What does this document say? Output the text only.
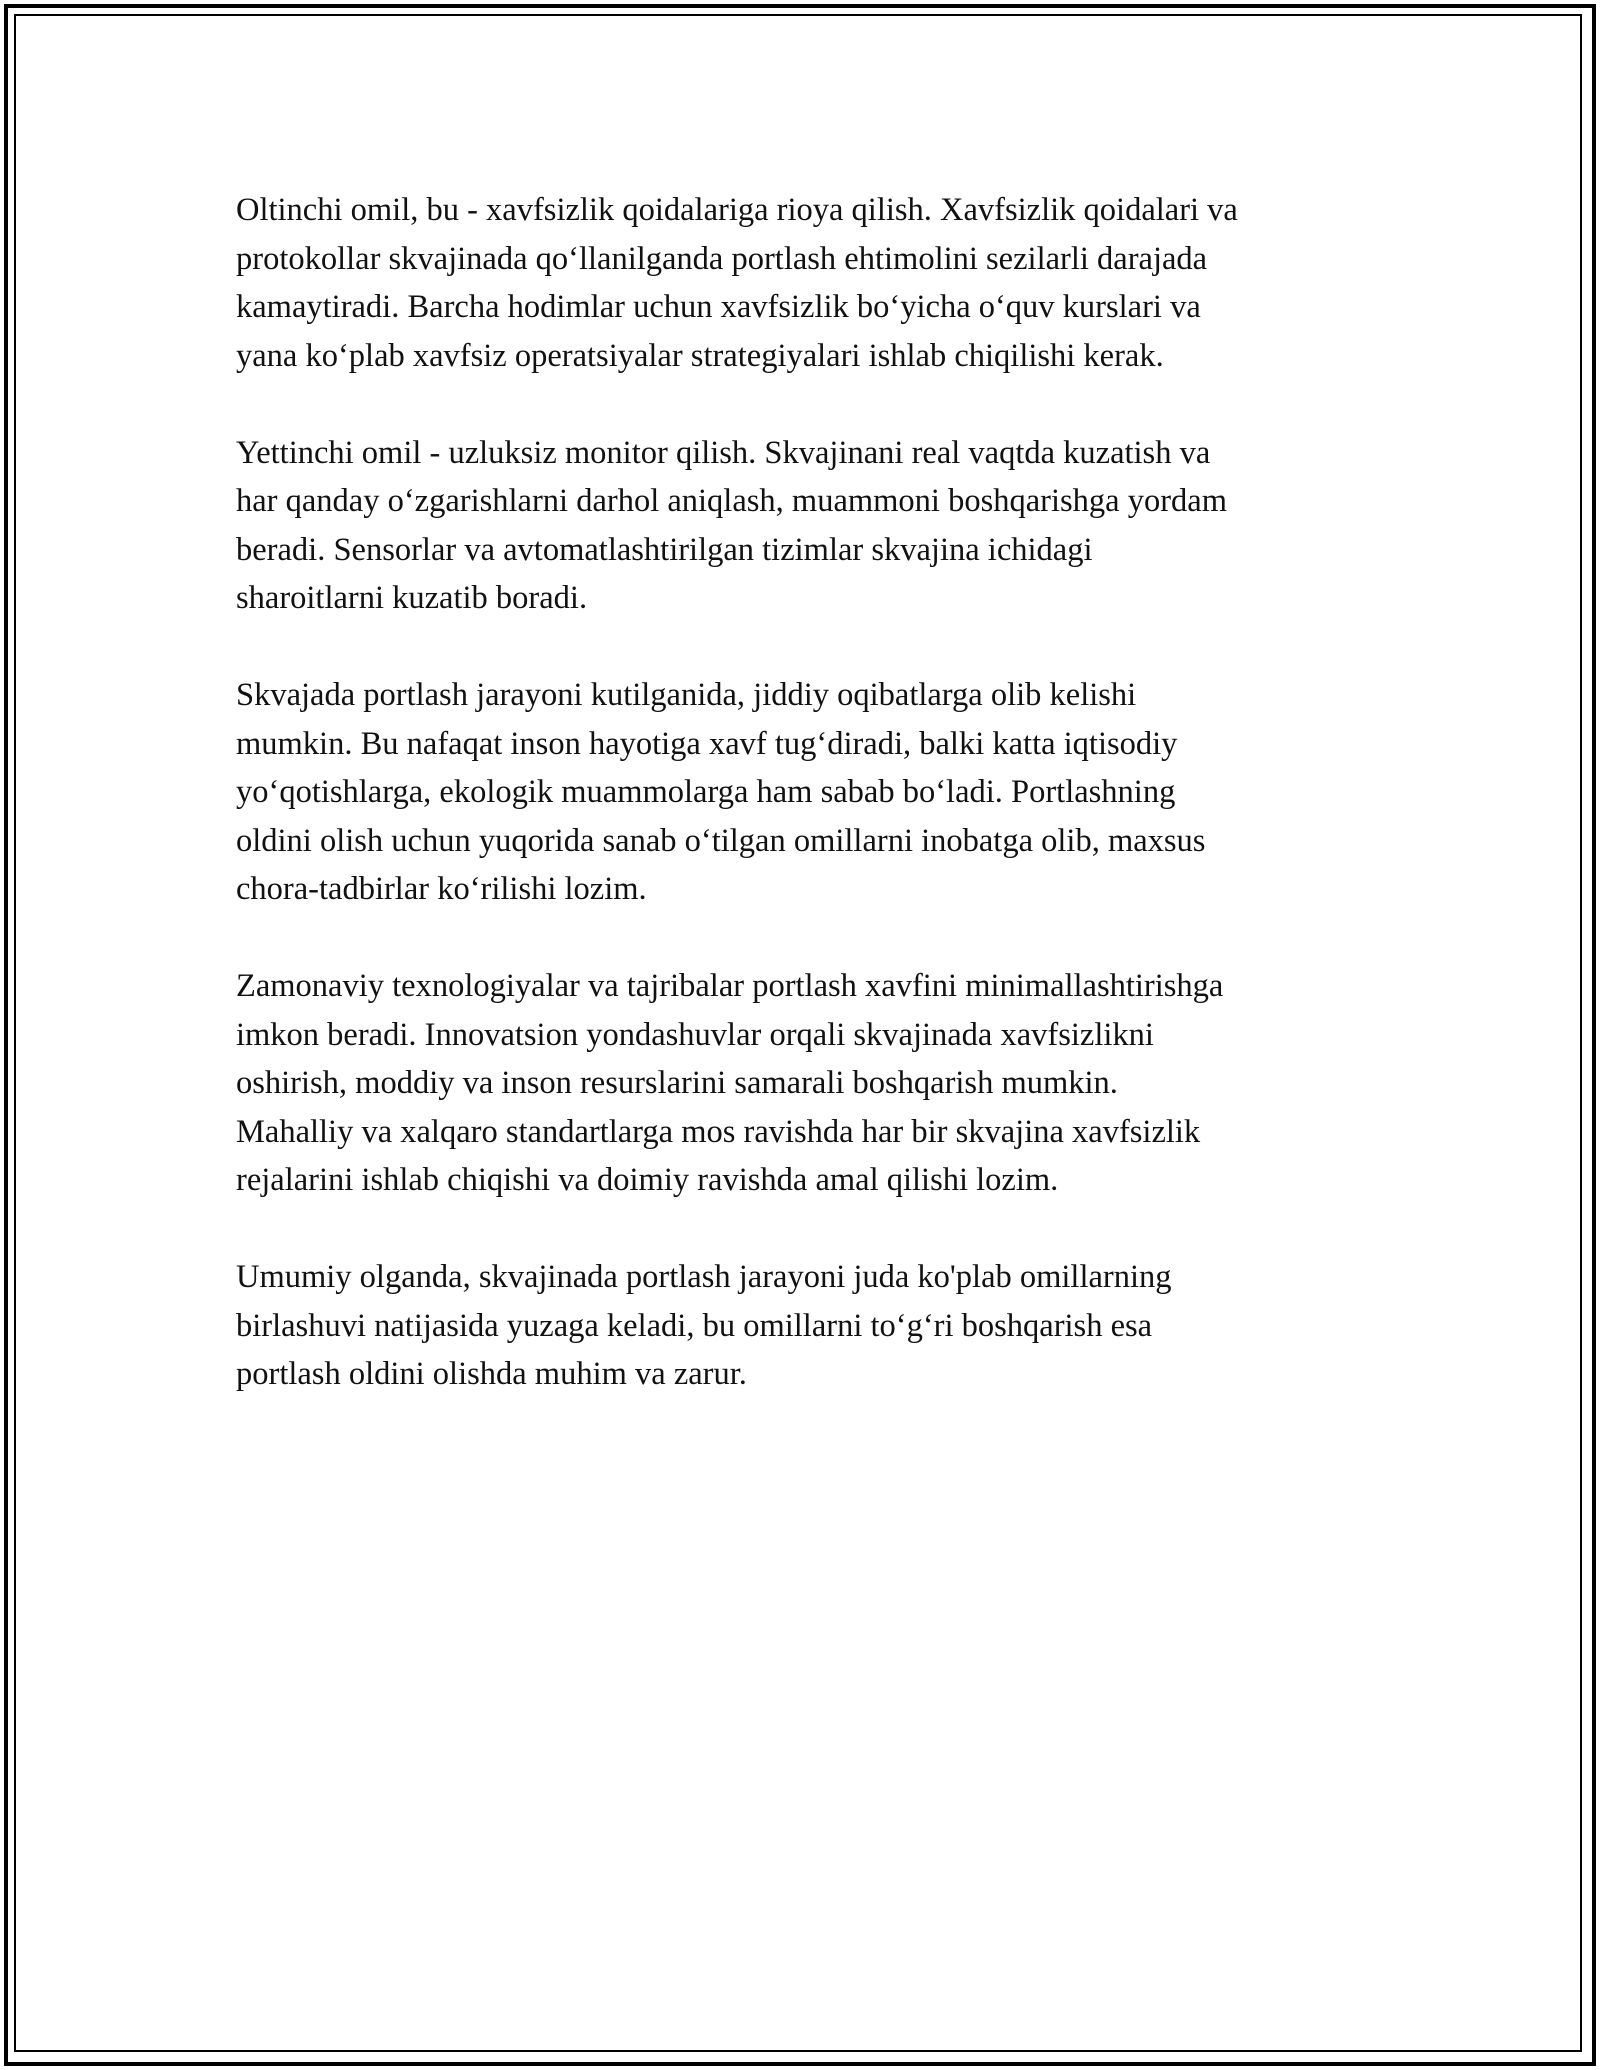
Oltinchi omil, bu - xavfsizlik qoidalariga rioya qilish. Xavfsizlik qoidalari va
protokollar skvajinada qo‘llanilganda portlash ehtimolini sezilarli darajada
kamaytiradi. Barcha hodimlar uchun xavfsizlik bo‘yicha o‘quv kurslari va
yana ko‘plab xavfsiz operatsiyalar strategiyalari ishlab chiqilishi kerak.

Yettinchi omil - uzluksiz monitor qilish. Skvajinani real vaqtda kuzatish va
har qanday o‘zgarishlarni darhol aniqlash, muammoni boshqarishga yordam
beradi. Sensorlar va avtomatlashtirilgan tizimlar skvajina ichidagi
sharoitlarni kuzatib boradi.

Skvajada portlash jarayoni kutilganida, jiddiy oqibatlarga olib kelishi
mumkin. Bu nafaqat inson hayotiga xavf tug‘diradi, balki katta iqtisodiy
yo‘qotishlarga, ekologik muammolarga ham sabab bo‘ladi. Portlashning
oldini olish uchun yuqorida sanab o‘tilgan omillarni inobatga olib, maxsus
chora-tadbirlar ko‘rilishi lozim.

Zamonaviy texnologiyalar va tajribalar portlash xavfini minimallashtirishga
imkon beradi. Innovatsion yondashuvlar orqali skvajinada xavfsizlikni
oshirish, moddiy va inson resurslarini samarali boshqarish mumkin.
Mahalliy va xalqaro standartlarga mos ravishda har bir skvajina xavfsizlik
rejalarini ishlab chiqishi va doimiy ravishda amal qilishi lozim.

Umumiy olganda, skvajinada portlash jarayoni juda ko'plab omillarning
birlashuvi natijasida yuzaga keladi, bu omillarni to‘g‘ri boshqarish esa
portlash oldini olishda muhim va zarur.
